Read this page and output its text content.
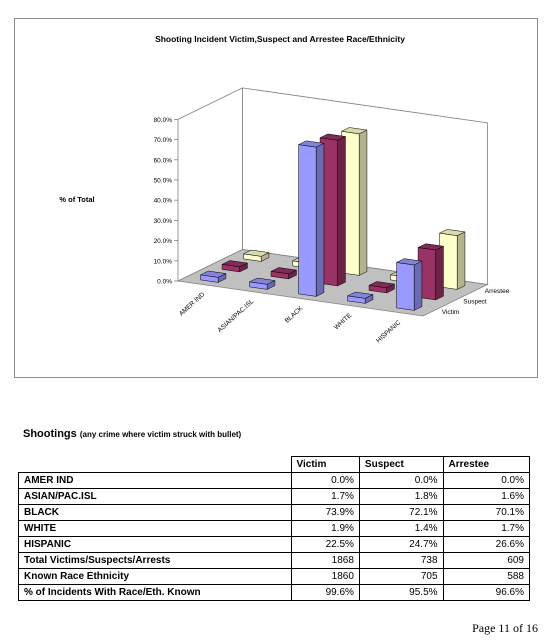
Shooting Incident Victim,Suspect and Arrestee Race/Ethnicity
% of Total
0.0%
10.0%
20.0%
30.0%
40.0%
50.0%
60.0%
70.0%
80.0%
AMER IND ASIAN/PAC.ISL	BLACK	WHITE	HISPANIC
Victim
Suspect
Arrestee
Shootings (any crime where victim struck with bullet)
	Victim	Suspect	Arrestee
AMER IND	0.0%	0.0%	0.0%
ASIAN/PAC.ISL	1.7%	1.8%	1.6%
BLACK	73.9%	72.1%	70.1%
WHITE	1.9%	1.4%	1.7%
HISPANIC	22.5%	24.7%	26.6%
Total Victims/Suspects/Arrests	1868	738	609
Known Race Ethnicity	1860	705	588
% of Incidents With Race/Eth. Known	99.6%	95.5%	96.6%
Page 11 of 16
